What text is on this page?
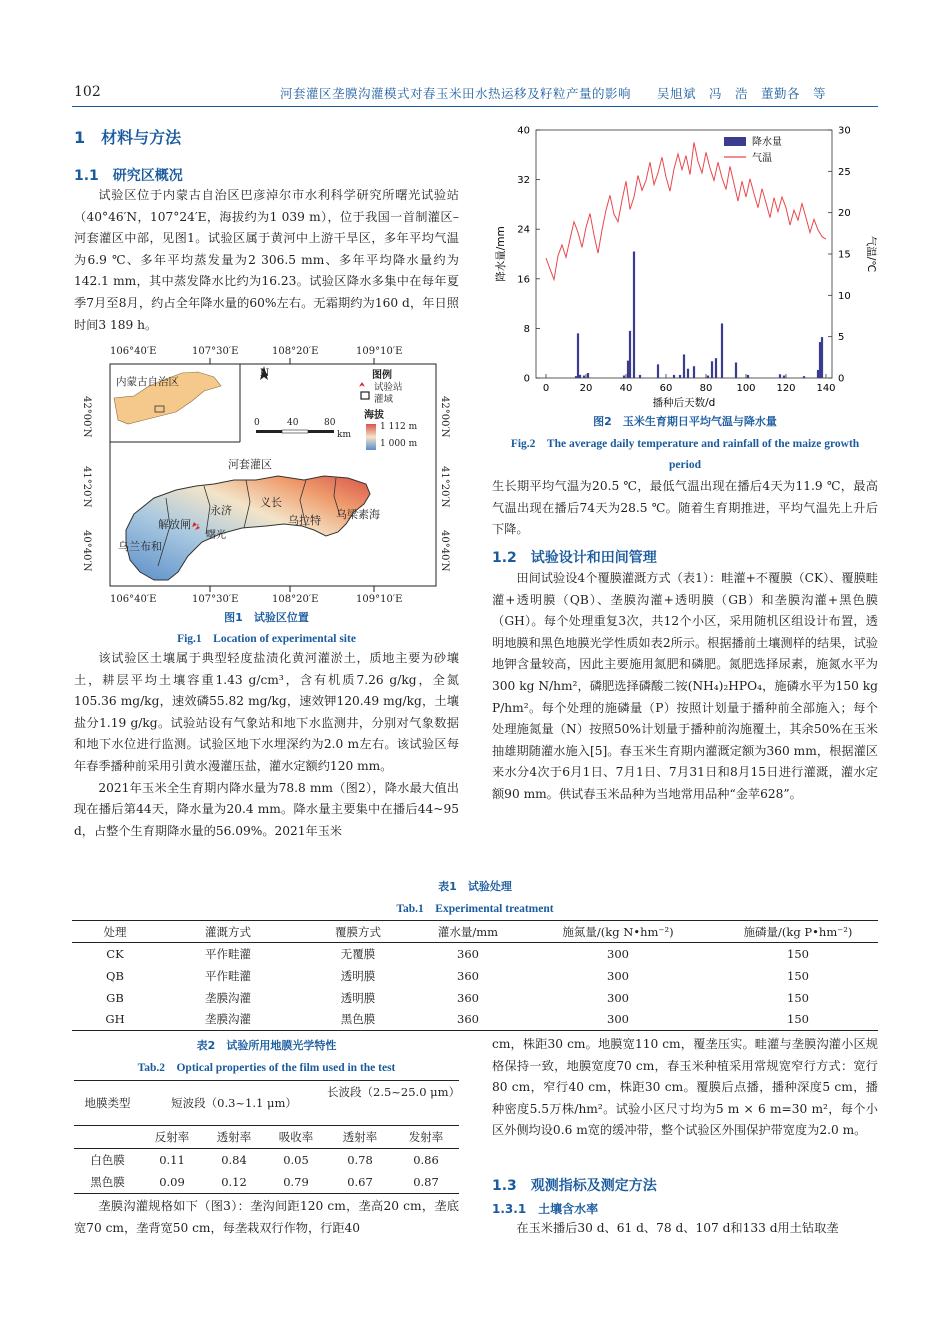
102	河套灌区垄膜沟灌模式对春玉米田水热运移及籽粒产量的影响　　吴旭斌　冯　浩　董勤各　等
1　材料与方法
1.1　研究区概况

试验区位于内蒙古自治区巴彦淖尔市水利科学研究所曙光试验站（40°46′N，107°24′E，海拔约为1 039 m），位于我国一首制灌区–河套灌区中部，见图1。试验区属于黄河中上游干旱区，多年平均气温为6.9 ℃、多年平均蒸发量为2 306.5 mm、多年平均降水量约为142.1 mm，其中蒸发降水比约为16.23。试验区降水多集中在每年夏季7月至8月，约占全年降水量的60%左右。无霜期约为160 d，年日照时间3 189 h。

106°40′E	107°30′E	108°20′E	109°10′E
106°40′E	107°30′E	108°20′E	109°10′E
40°40′N
41°20′N
42°00′N
40°40′N
41°20′N
42°00′N
内蒙古自治区
N
0	40	80
km
图例
试验站
灌域
海拔
1 112 m
1 000 m
河套灌区
乌兰布和
解放闸
永济
义长
乌拉特 乌梁素海
曙光
图1　试验区位置
Fig.1　Location of experimental site

该试验区土壤属于典型轻度盐渍化黄河灌淤土，质地主要为砂壤土，耕层平均土壤容重1.43 g/cm³，含有机质7.26 g/kg，全氮105.36 mg/kg，速效磷55.82 mg/kg，速效钾120.49 mg/kg，土壤盐分1.19 g/kg。试验站设有气象站和地下水监测井，分别对气象数据和地下水位进行监测。试验区地下水埋深约为2.0 m左右。该试验区每年春季播种前采用引黄水漫灌压盐，灌水定额约120 mm。

2021年玉米全生育期内降水量为78.8 mm（图2），降水最大值出现在播后第44天，降水量为20.4 mm。降水量主要集中在播后44~95 d，占整个生育期降水量的56.09%。2021年玉米

0	20	40	60	80 100 120 140
0
8
16
24
32
40
0
5
10
15
20
25
30
降水量
气温
播种后天数/d
降水量/mm	气温/℃
图2　玉米生育期日平均气温与降水量
Fig.2　The average daily temperature and rainfall of the maize growth period

生长期平均气温为20.5 ℃，最低气温出现在播后4天为11.9 ℃，最高气温出现在播后74天为28.5 ℃。随着生育期推进，平均气温先上升后下降。

1.2　试验设计和田间管理

田间试验设4个覆膜灌溉方式（表1）：畦灌+不覆膜（CK）、覆膜畦灌+透明膜（QB）、垄膜沟灌+透明膜（GB）和垄膜沟灌+黑色膜（GH）。每个处理重复3次，共12个小区，采用随机区组设计布置，透明地膜和黑色地膜光学性质如表2所示。根据播前土壤测样的结果，试验地钾含量较高，因此主要施用氮肥和磷肥。氮肥选择尿素，施氮水平为300 kg N/hm²，磷肥选择磷酸二铵(NH₄)₂HPO₄，施磷水平为150 kg P/hm²。每个处理的施磷量（P）按照计划量于播种前全部施入；每个处理施氮量（N）按照50%计划量于播种前沟施覆土，其余50%在玉米抽雄期随灌水施入[5]。春玉米生育期内灌溉定额为360 mm，根据灌区来水分4次于6月1日、7月1日、7月31日和8月15日进行灌溉，灌水定额90 mm。供试春玉米品种为当地常用品种“金苹628”。

表1　试验处理
Tab.1　Experimental treatment
处理	灌溉方式	覆膜方式	灌水量/mm	施氮量/(kg N•hm⁻²)	施磷量/(kg P•hm⁻²)
CK	平作畦灌	无覆膜	360	300	150
QB	平作畦灌	透明膜	360	300	150
GB	垄膜沟灌	透明膜	360	300	150
GH	垄膜沟灌	黑色膜	360	300	150
表2　试验所用地膜光学特性
Tab.2　Optical properties of the film used in the test
地膜类型	短波段（0.3~1.1 μm）			长波段（2.5~25.0 μm）	

	反射率	透射率	吸收率	透射率	发射率
白色膜	0.11	0.84	0.05	0.78	0.86
黑色膜	0.09	0.12	0.79	0.67	0.87

垄膜沟灌规格如下（图3）：垄沟间距120 cm，垄高20 cm，垄底宽70 cm，垄背宽50 cm，每垄栽双行作物，行距40

cm，株距30 cm。地膜宽110 cm，覆垄压实。畦灌与垄膜沟灌小区规格保持一致，地膜宽度70 cm，春玉米种植采用常规宽窄行方式：宽行80 cm，窄行40 cm，株距30 cm。覆膜后点播，播种深度5 cm，播种密度5.5万株/hm²。试验小区尺寸均为5 m × 6 m=30 m²，每个小区外侧均设0.6 m宽的缓冲带，整个试验区外围保护带宽度为2.0 m。

1.3　观测指标及测定方法
1.3.1　土壤含水率

在玉米播后30 d、61 d、78 d、107 d和133 d用土钻取垄
